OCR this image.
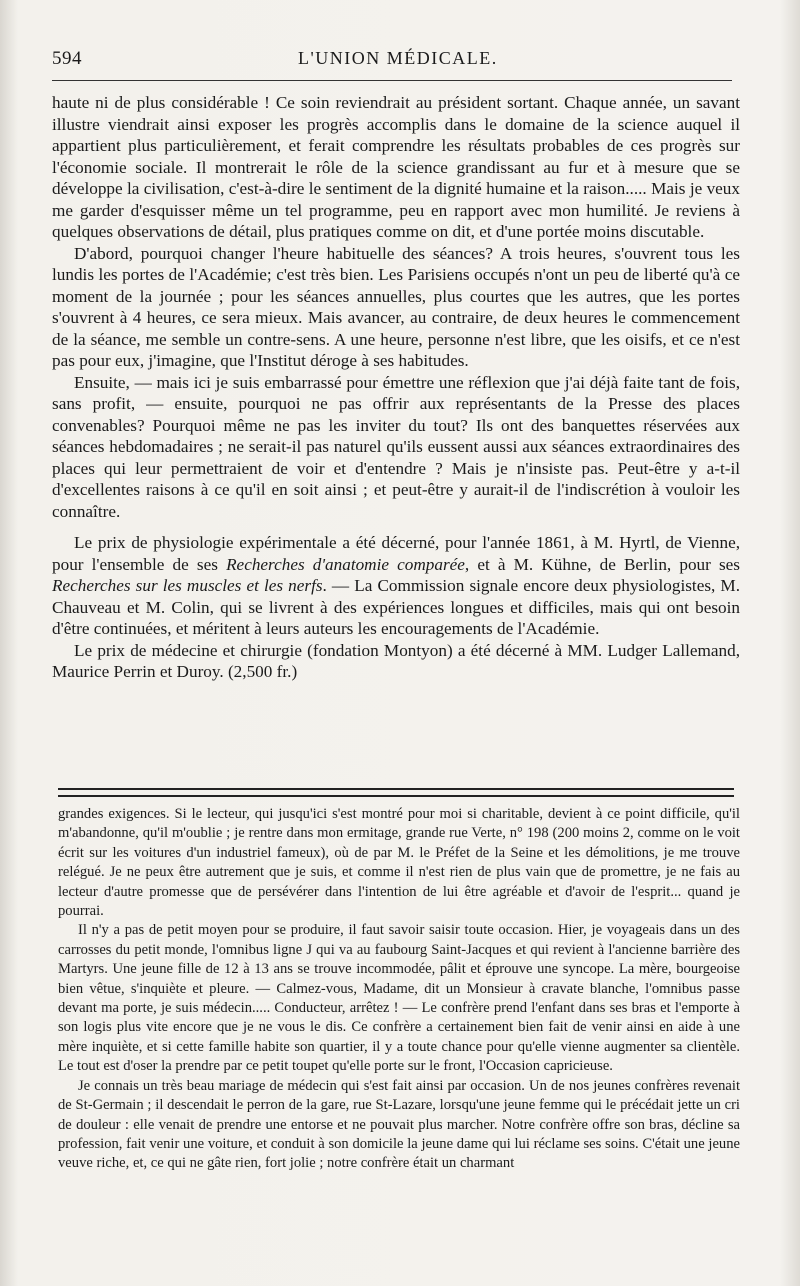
594	L'UNION MÉDICALE.

haute ni de plus considérable ! Ce soin reviendrait au président sortant. Chaque année, un savant illustre viendrait ainsi exposer les progrès accomplis dans le domaine de la science auquel il appartient plus particulièrement, et ferait comprendre les résultats probables de ces progrès sur l'économie sociale. Il montrerait le rôle de la science grandissant au fur et à mesure que se développe la civilisation, c'est-à-dire le sentiment de la dignité humaine et la raison..... Mais je veux me garder d'esquisser même un tel programme, peu en rapport avec mon humilité. Je reviens à quelques observations de détail, plus pratiques comme on dit, et d'une portée moins discutable.

D'abord, pourquoi changer l'heure habituelle des séances? A trois heures, s'ouvrent tous les lundis les portes de l'Académie; c'est très bien. Les Parisiens occupés n'ont un peu de liberté qu'à ce moment de la journée ; pour les séances annuelles, plus courtes que les autres, que les portes s'ouvrent à 4 heures, ce sera mieux. Mais avancer, au contraire, de deux heures le commencement de la séance, me semble un contre-sens. A une heure, personne n'est libre, que les oisifs, et ce n'est pas pour eux, j'imagine, que l'Institut déroge à ses habitudes.

Ensuite, — mais ici je suis embarrassé pour émettre une réflexion que j'ai déjà faite tant de fois, sans profit, — ensuite, pourquoi ne pas offrir aux représentants de la Presse des places convenables? Pourquoi même ne pas les inviter du tout? Ils ont des banquettes réservées aux séances hebdomadaires ; ne serait-il pas naturel qu'ils eussent aussi aux séances extraordinaires des places qui leur permettraient de voir et d'entendre ? Mais je n'insiste pas. Peut-être y a-t-il d'excellentes raisons à ce qu'il en soit ainsi ; et peut-être y aurait-il de l'indiscrétion à vouloir les connaître.

Le prix de physiologie expérimentale a été décerné, pour l'année 1861, à M. Hyrtl, de Vienne, pour l'ensemble de ses Recherches d'anatomie comparée, et à M. Kühne, de Berlin, pour ses Recherches sur les muscles et les nerfs. — La Commission signale encore deux physiologistes, M. Chauveau et M. Colin, qui se livrent à des expériences longues et difficiles, mais qui ont besoin d'être continuées, et méritent à leurs auteurs les encouragements de l'Académie.

Le prix de médecine et chirurgie (fondation Montyon) a été décerné à MM. Ludger Lallemand, Maurice Perrin et Duroy. (2,500 fr.)

grandes exigences. Si le lecteur, qui jusqu'ici s'est montré pour moi si charitable, devient à ce point difficile, qu'il m'abandonne, qu'il m'oublie ; je rentre dans mon ermitage, grande rue Verte, n° 198 (200 moins 2, comme on le voit écrit sur les voitures d'un industriel fameux), où de par M. le Préfet de la Seine et les démolitions, je me trouve relégué. Je ne peux être autrement que je suis, et comme il n'est rien de plus vain que de promettre, je ne fais au lecteur d'autre promesse que de persévérer dans l'intention de lui être agréable et d'avoir de l'esprit... quand je pourrai.

Il n'y a pas de petit moyen pour se produire, il faut savoir saisir toute occasion. Hier, je voyageais dans un des carrosses du petit monde, l'omnibus ligne J qui va au faubourg Saint-Jacques et qui revient à l'ancienne barrière des Martyrs. Une jeune fille de 12 à 13 ans se trouve incommodée, pâlit et éprouve une syncope. La mère, bourgeoise bien vêtue, s'inquiète et pleure. — Calmez-vous, Madame, dit un Monsieur à cravate blanche, l'omnibus passe devant ma porte, je suis médecin..... Conducteur, arrêtez ! — Le confrère prend l'enfant dans ses bras et l'emporte à son logis plus vite encore que je ne vous le dis. Ce confrère a certainement bien fait de venir ainsi en aide à une mère inquiète, et si cette famille habite son quartier, il y a toute chance pour qu'elle vienne augmenter sa clientèle. Le tout est d'oser la prendre par ce petit toupet qu'elle porte sur le front, l'Occasion capricieuse.

Je connais un très beau mariage de médecin qui s'est fait ainsi par occasion. Un de nos jeunes confrères revenait de St-Germain ; il descendait le perron de la gare, rue St-Lazare, lorsqu'une jeune femme qui le précédait jette un cri de douleur : elle venait de prendre une entorse et ne pouvait plus marcher. Notre confrère offre son bras, décline sa profession, fait venir une voiture, et conduit à son domicile la jeune dame qui lui réclame ses soins. C'était une jeune veuve riche, et, ce qui ne gâte rien, fort jolie ; notre confrère était un charmant
